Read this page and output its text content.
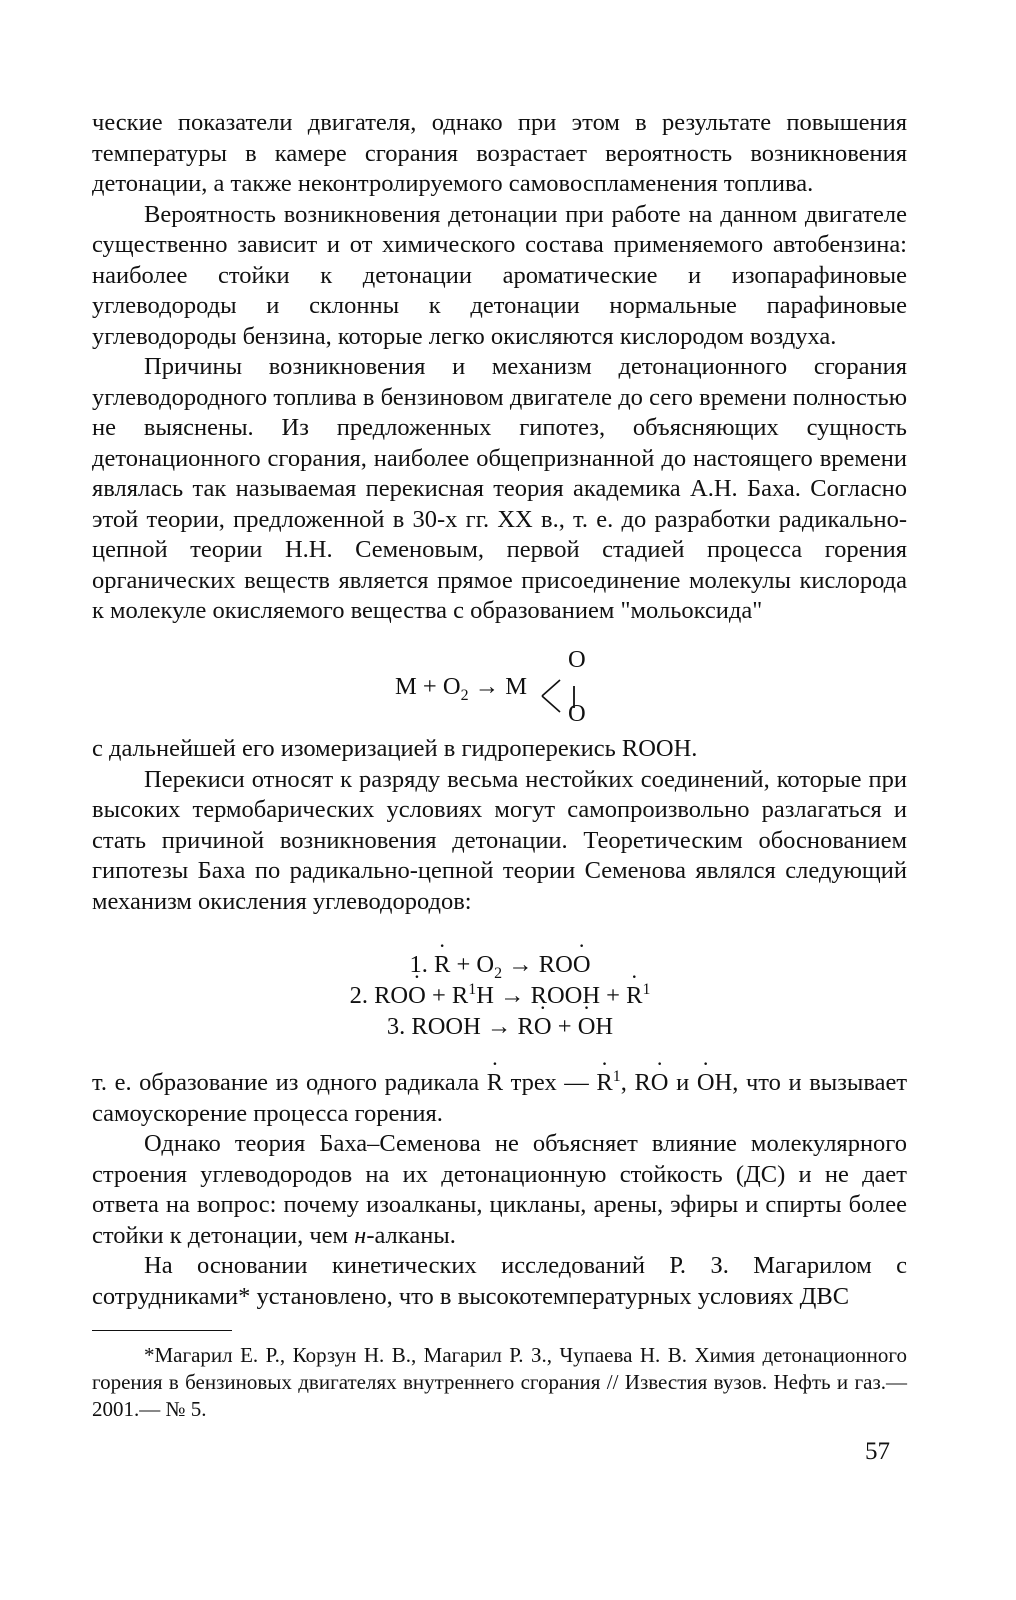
ческие показатели двигателя, однако при этом в результате повышения температуры в камере сгорания возрастает вероятность возникновения детонации, а также неконтролируемого самовоспламенения топлива.

Вероятность возникновения детонации при работе на данном двигателе существенно зависит и от химического состава применяемого автобензина: наиболее стойки к детонации ароматические и изопарафиновые углеводороды и склонны к детонации нормальные парафиновые углеводороды бензина, которые легко окисляются кислородом воздуха.

Причины возникновения и механизм детонационного сгорания углеводородного топлива в бензиновом двигателе до сего времени полностью не выяснены. Из предложенных гипотез, объясняющих сущность детонационного сгорания, наиболее общепризнанной до настоящего времени являлась так называемая перекисная теория академика А.Н. Баха. Согласно этой теории, предложенной в 30-х гг. XX в., т. е. до разработки радикально-цепной теории Н.Н. Семеновым, первой стадией процесса горения органических веществ является прямое присоединение молекулы кислорода к молекуле окисляемого вещества с образованием "мольоксида"

$M + O_2 \to M$
O
O

с дальнейшей его изомеризацией в гидроперекись ROOH.

Перекиси относят к разряду весьма нестойких соединений, которые при высоких термобарических условиях могут самопроизвольно разлагаться и стать причиной возникновения детонации. Теоретическим обоснованием гипотезы Баха по радикально-цепной теории Семенова являлся следующий механизм окисления углеводородов:

1. · $R + O_2 \to RO\cdot O$
2. $RO\cdot O + R^1H$ → ROOH + · $R^1$
3. ROOH → R· O + · OH

т. е. образование из одного радикала · R трех — · $R^1$, R· O и · OH, что и вызывает самоускорение процесса горения.

Однако теория Баха–Семенова не объясняет влияние молекулярного строения углеводородов на их детонационную стойкость (ДС) и не дает ответа на вопрос: почему изоалканы, цикланы, арены, эфиры и спирты более стойки к детонации, чем н-алканы.

На основании кинетических исследований Р. З. Магарилом с сотрудниками* установлено, что в высокотемпературных условиях ДВС

*Магарил Е. Р., Корзун Н. В., Магарил Р. З., Чупаева Н. В. Химия детонационного горения в бензиновых двигателях внутреннего сгорания // Известия вузов. Нефть и газ.— 2001.— № 5.

57
